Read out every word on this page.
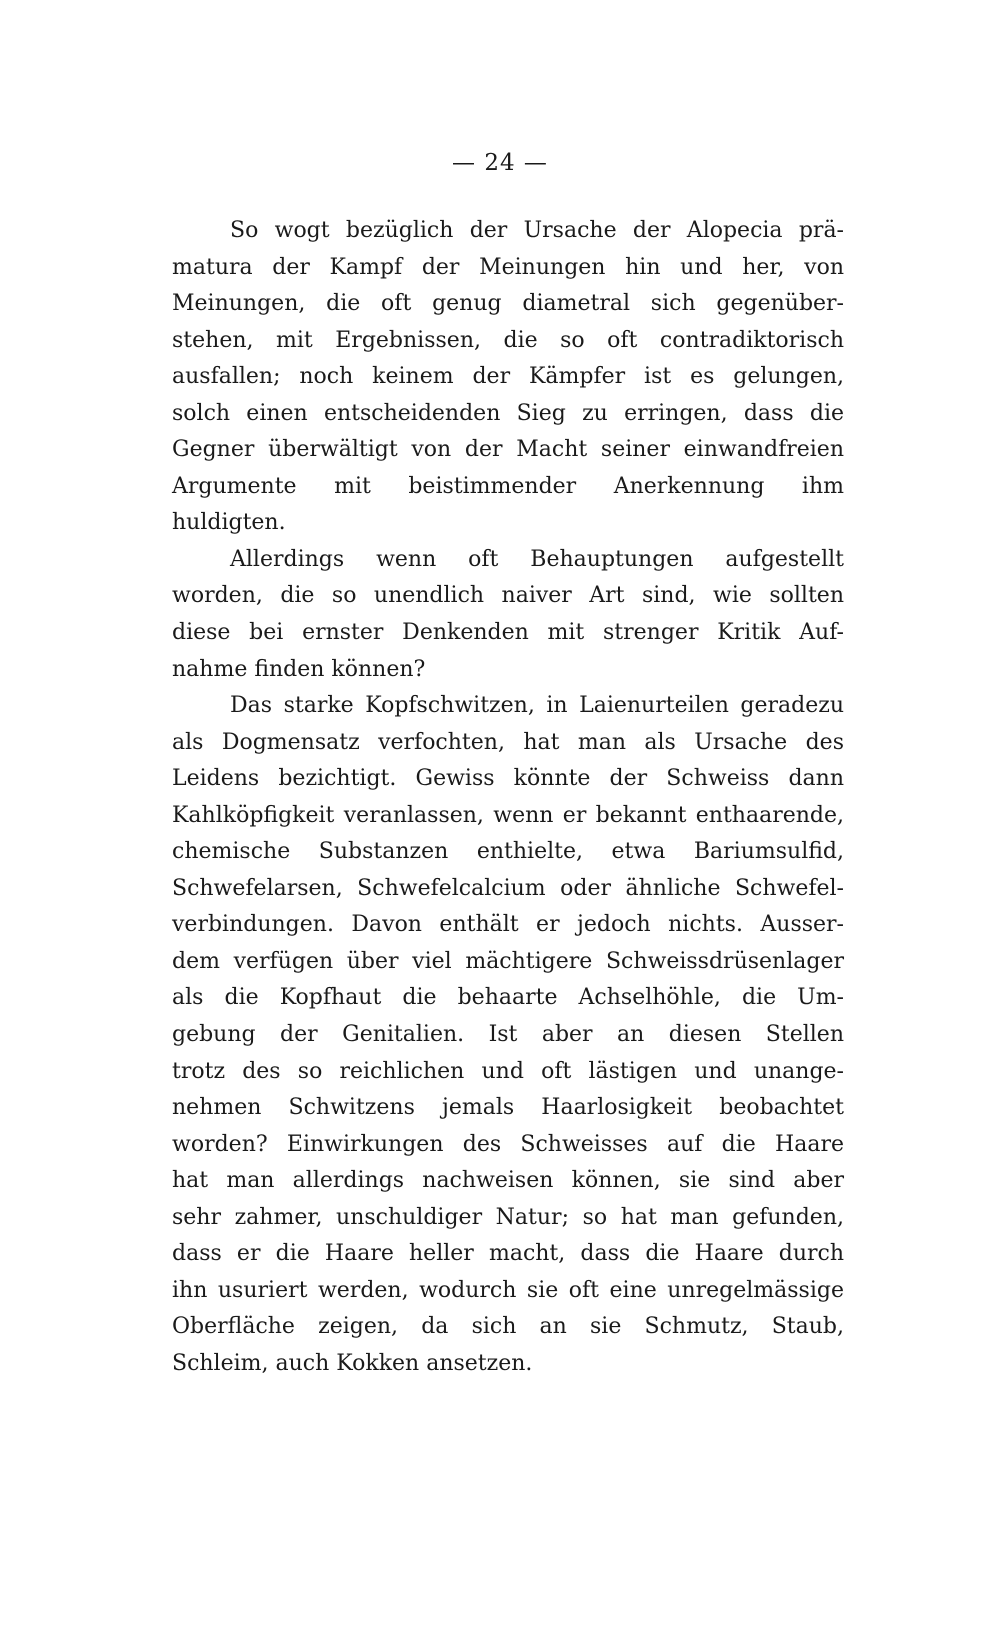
— 24 —
So wogt bezüglich der Ursache der Alopecia prä-
matura der Kampf der Meinungen hin und her, von
Meinungen, die oft genug diametral sich gegenüber-
stehen, mit Ergebnissen, die so oft contradiktorisch
ausfallen; noch keinem der Kämpfer ist es gelungen,
solch einen entscheidenden Sieg zu erringen, dass die
Gegner überwältigt von der Macht seiner einwandfreien
Argumente mit beistimmender Anerkennung ihm
huldigten.
Allerdings wenn oft Behauptungen aufgestellt
worden, die so unendlich naiver Art sind, wie sollten
diese bei ernster Denkenden mit strenger Kritik Auf-
nahme finden können?
Das starke Kopfschwitzen, in Laienurteilen geradezu
als Dogmensatz verfochten, hat man als Ursache des
Leidens bezichtigt. Gewiss könnte der Schweiss dann
Kahlköpfigkeit veranlassen, wenn er bekannt enthaarende,
chemische Substanzen enthielte, etwa Bariumsulfid,
Schwefelarsen, Schwefelcalcium oder ähnliche Schwefel-
verbindungen. Davon enthält er jedoch nichts. Ausser-
dem verfügen über viel mächtigere Schweissdrüsenlager
als die Kopfhaut die behaarte Achselhöhle, die Um-
gebung der Genitalien. Ist aber an diesen Stellen
trotz des so reichlichen und oft lästigen und unange-
nehmen Schwitzens jemals Haarlosigkeit beobachtet
worden? Einwirkungen des Schweisses auf die Haare
hat man allerdings nachweisen können, sie sind aber
sehr zahmer, unschuldiger Natur; so hat man gefunden,
dass er die Haare heller macht, dass die Haare durch
ihn usuriert werden, wodurch sie oft eine unregelmässige
Oberfläche zeigen, da sich an sie Schmutz, Staub,
Schleim, auch Kokken ansetzen.
